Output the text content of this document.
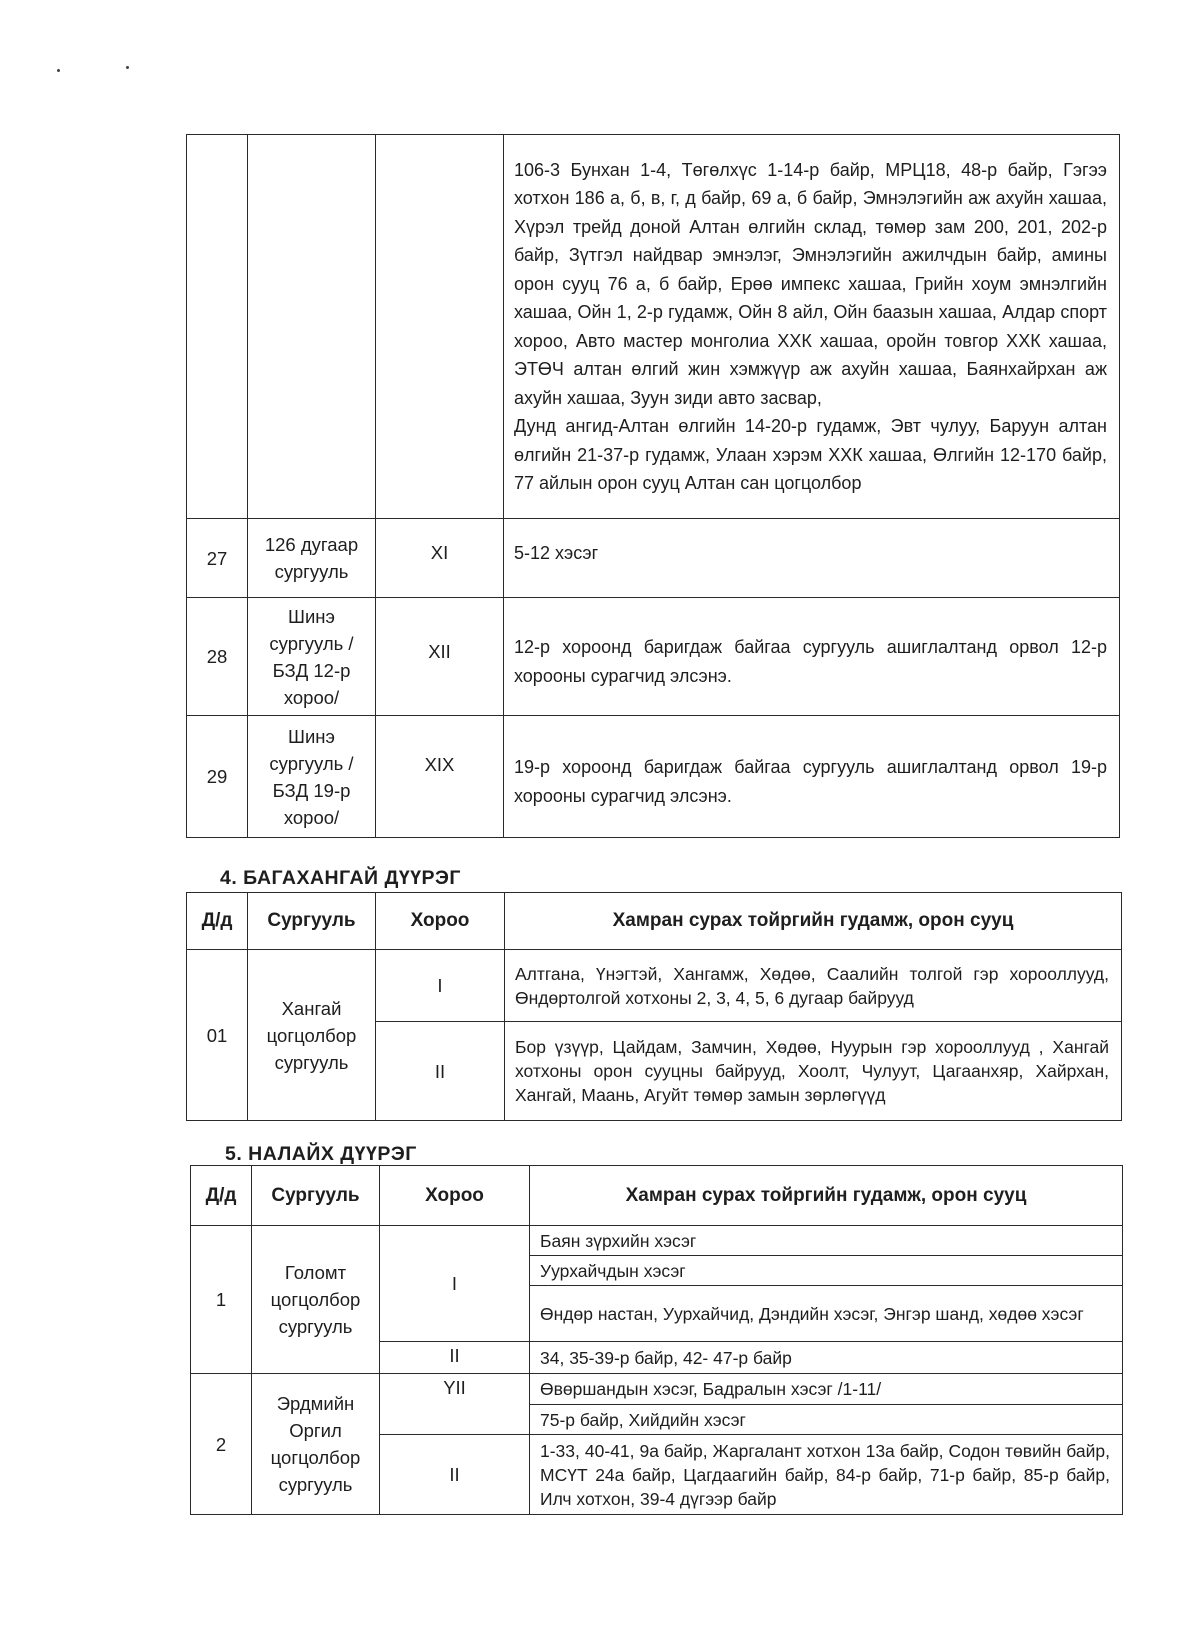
			106-3 Бунхан 1-4, Төгөлхүс 1-14-р байр, МРЦ18, 48-р байр, Гэгээ хотхон 186 а, б, в, г, д байр, 69 а, б байр, Эмнэлэгийн аж ахуйн хашаа, Хүрэл трейд доной Алтан өлгийн склад, төмөр зам 200, 201, 202-р байр, Зүтгэл найдвар эмнэлэг, Эмнэлэгийн ажилчдын байр, амины орон сууц 76 а, б байр, Ерөө импекс хашаа, Грийн хоум эмнэлгийн хашаа, Ойн 1, 2-р гудамж, Ойн 8 айл, Ойн баазын хашаа, Алдар спорт хороо, Авто мастер монголиа ХХК хашаа, оройн товгор ХХК хашаа, ЭТӨЧ алтан өлгий жин хэмжүүр аж ахуйн хашаа, Баянхайрхан аж ахуйн хашаа, Зуун зиди авто засвар,
Дунд ангид-Алтан өлгийн 14-20-р гудамж, Эвт чулуу, Баруун алтан өлгийн 21-37-р гудамж, Улаан хэрэм ХХК хашаа, Өлгийн 12-170 байр, 77 айлын орон сууц Алтан сан цогцолбор

27	126 дугаар сургууль	XI	5-12 хэсэг
28	Шинэ сургууль /БЗД 12-р хороо/	XII	12-р хороонд баригдаж байгаа сургууль ашиглалтанд орвол 12-р хорооны сурагчид элсэнэ.
29	Шинэ сургууль /БЗД 19-р хороо/	XIX	19-р хороонд баригдаж байгаа сургууль ашиглалтанд орвол 19-р хорооны сурагчид элсэнэ.
4. БАГАХАНГАЙ ДҮҮРЭГ
Д/д	Сургууль	Хороо	Хамран сурах тойргийн гудамж, орон сууц
01	Хангай цогцолбор сургууль	I	Алтгана, Үнэгтэй, Хангамж, Хөдөө, Саалийн толгой гэр хорооллууд, Өндөртолгой хотхоны 2, 3, 4, 5, 6 дугаар байрууд
		II	Бор үзүүр, Цайдам, Замчин, Хөдөө, Нуурын гэр хорооллууд , Хангай хотхоны орон сууцны байрууд, Хоолт, Чулуут, Цагаанхяр, Хайрхан, Хангай, Маань, Агуйт төмөр замын зөрлөгүүд
5. НАЛАЙХ ДҮҮРЭГ
Д/д	Сургууль	Хороо	Хамран сурах тойргийн гудамж, орон сууц
1	Голомт цогцолбор сургууль	I	Баян зүрхийн хэсэг
			Уурхайчдын хэсэг
			Өндөр настан, Уурхайчид, Дэндийн хэсэг, Энгэр шанд, хөдөө хэсэг
		II	34, 35-39-р байр, 42- 47-р байр
2	Эрдмийн Оргил цогцолбор сургууль	YII	Өвөршандын хэсэг, Бадралын хэсэг /1-11/
			75-р байр, Хийдийн хэсэг
		II	1-33, 40-41, 9а байр, Жаргалант хотхон 13а байр, Содон төвийн байр, МСҮТ 24а байр, Цагдаагийн байр, 84-р байр, 71-р байр, 85-р байр, Илч хотхон, 39-4 дүгээр байр
